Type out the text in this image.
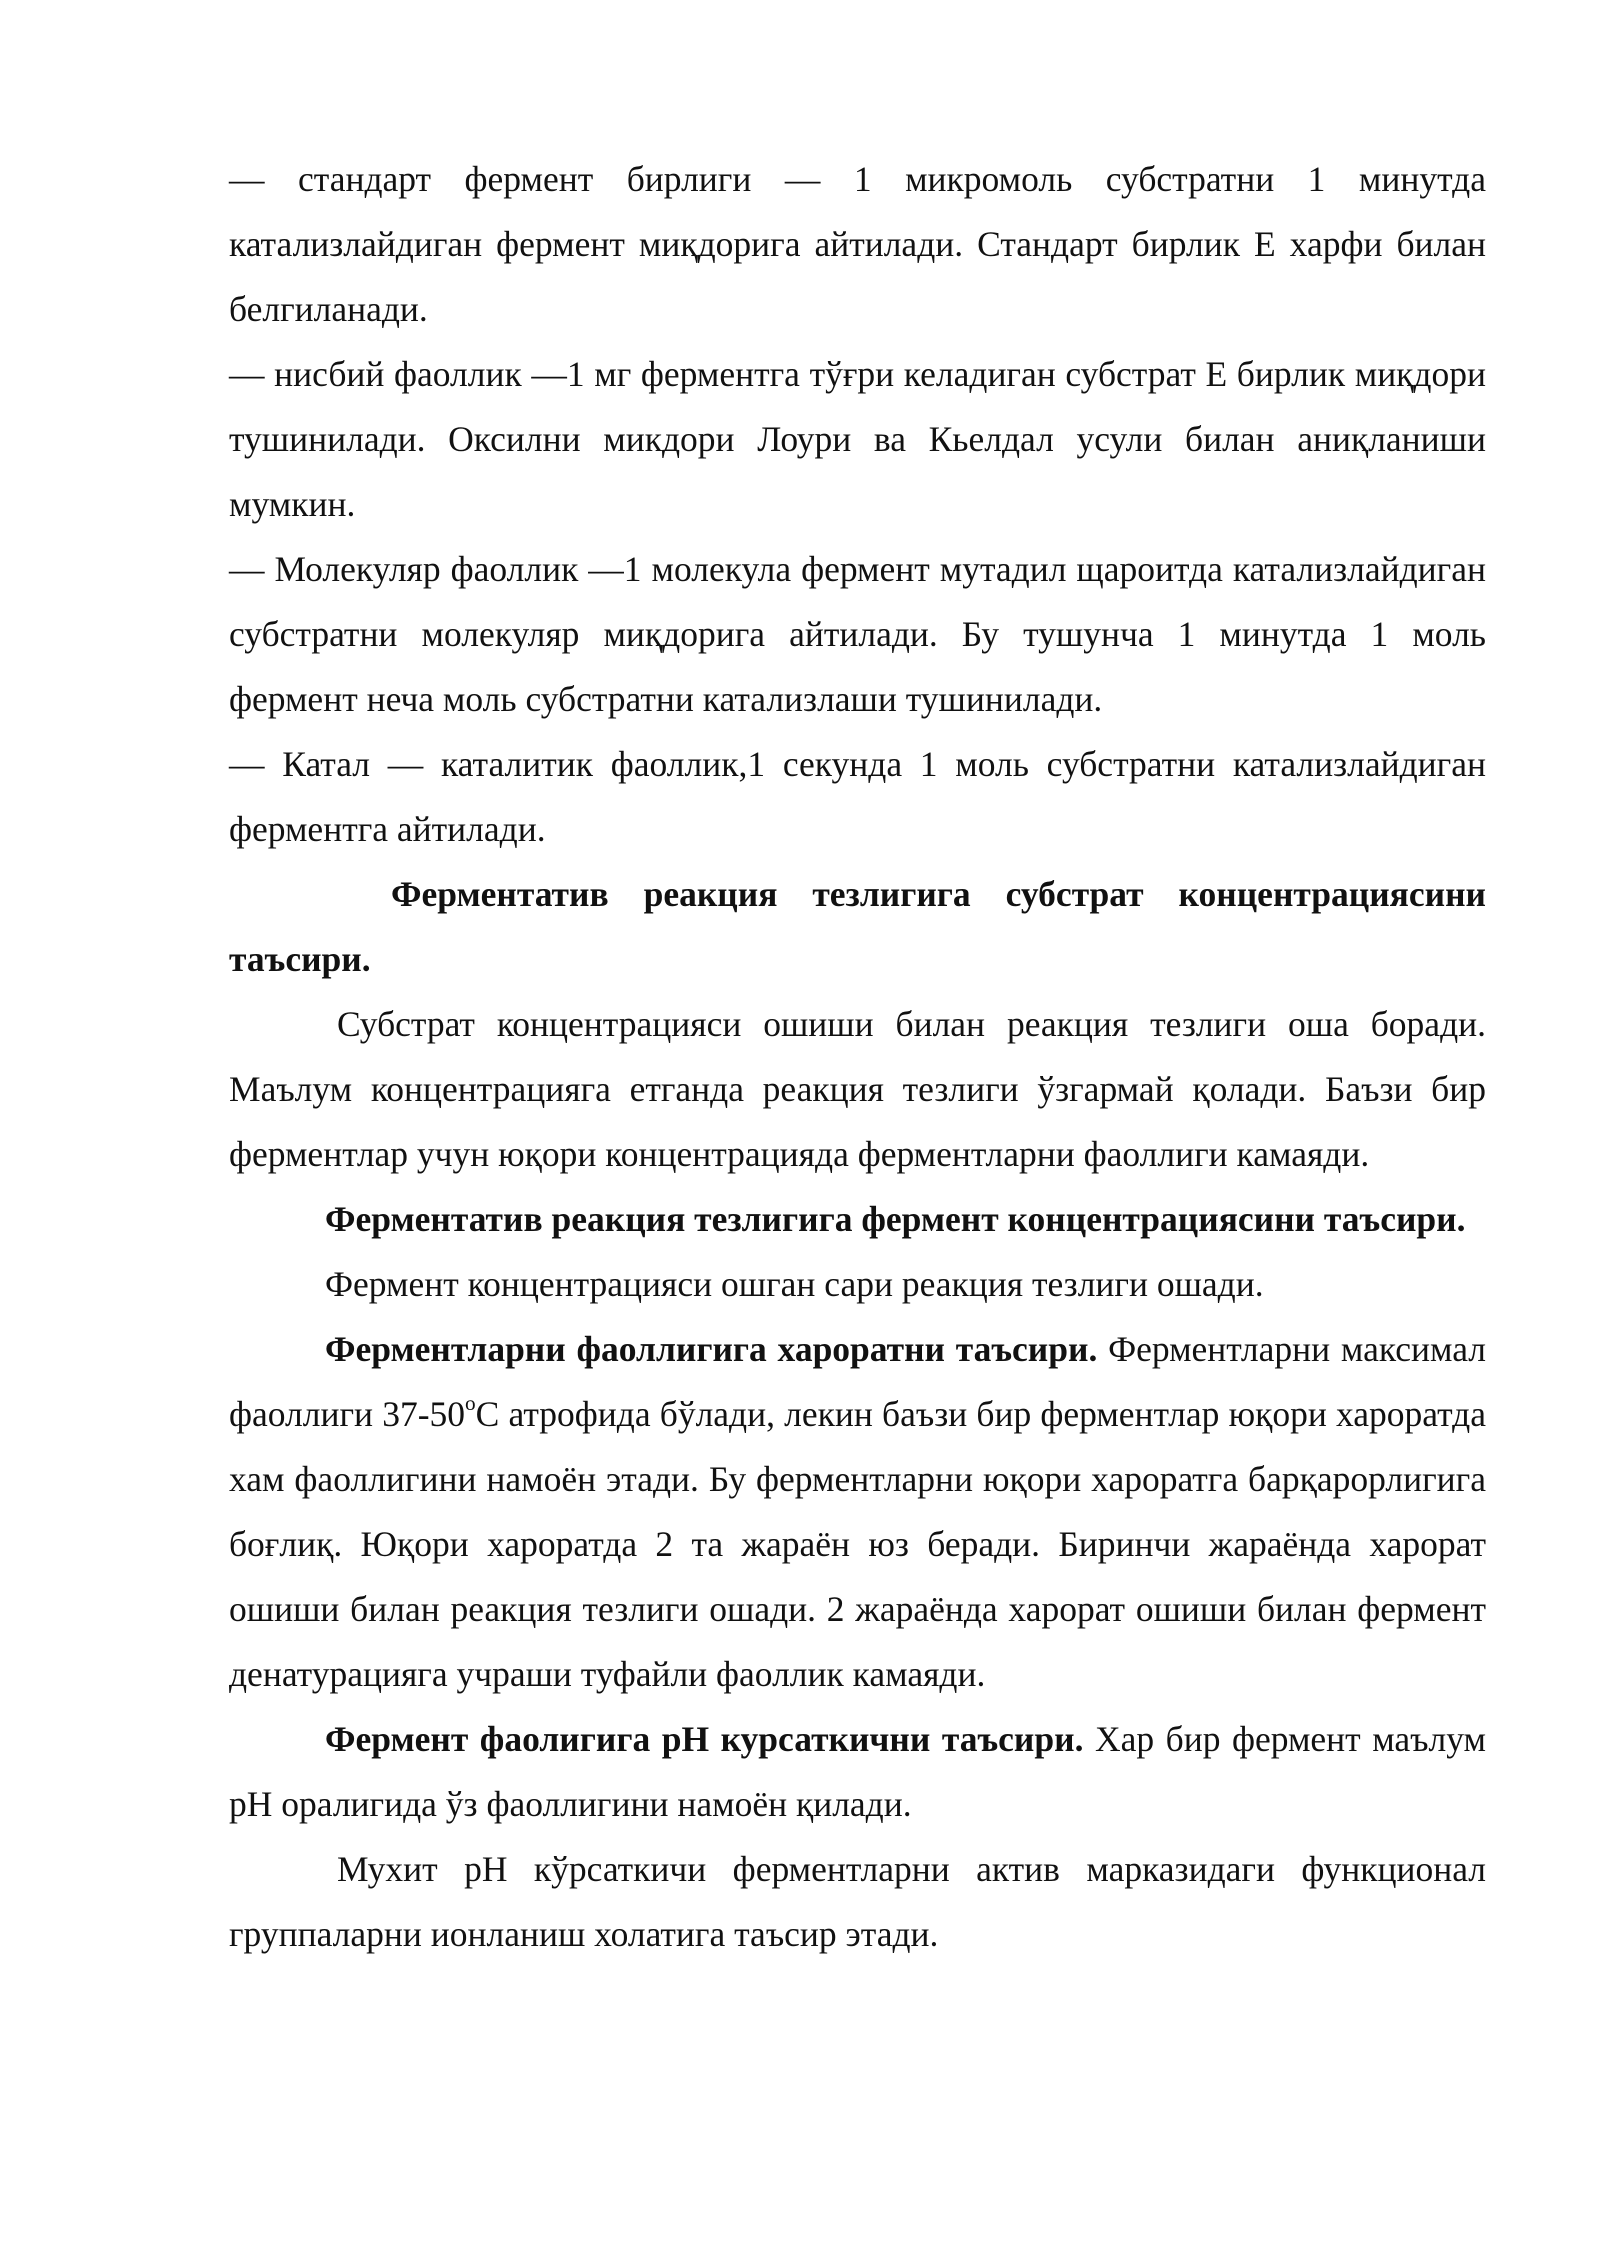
— стандарт фермент бирлиги — 1 микромоль субстратни 1 минутда катализлайдиган фермент миқдорига айтилади. Стандарт бирлик Е харфи билан белгиланади.

— нисбий фаоллик —1 мг ферментга тўғри келадиган субстрат Е бирлик миқдори тушинилади. Оксилни микдори Лоури ва Кьелдал усули билан аниқланиши мумкин.

— Молекуляр фаоллик —1 молекула фермент мутадил щароитда катализлайдиган субстратни молекуляр миқдорига айтилади. Бу тушунча 1 минутда 1 моль фермент неча моль субстратни катализлаши тушинилади.

— Катал — каталитик фаоллик,1 секунда 1 моль субстратни катализлайдиган ферментга айтилади.

Ферментатив реакция тезлигига субстрат концентрациясини таъсири.

Субстрат концентрацияси ошиши билан реакция тезлиги оша боради. Маълум концентрацияга етганда реакция тезлиги ўзгармай қолади. Баъзи бир ферментлар учун юқори концентрацияда ферментларни фаоллиги камаяди.

Ферментатив реакция тезлигига фермент концентрациясини таъсири.

Фермент концентрацияси ошган сари реакция тезлиги ошади.

Ферментларни фаоллигига хароратни таъсири. Ферментларни максимал фаоллиги $37-50^оС$ атрофида бўлади, лекин баъзи бир ферментлар юқори хароратда хам фаоллигини намоён этади. Бу ферментларни юқори хароратга барқарорлигига боғлиқ. Юқори хароратда 2 та жараён юз беради. Биринчи жараёнда харорат ошиши билан реакция тезлиги ошади. 2 жараёнда харорат ошиши билан фермент денатурацияга учраши туфайли фаоллик камаяди.

Фермент фаолигига рН курсаткични таъсири. Хар бир фермент маълум рН оралигида ўз фаоллигини намоён қилади.

Мухит рН кўрсаткичи ферментларни актив марказидаги функционал группаларни ионланиш холатига таъсир этади.
